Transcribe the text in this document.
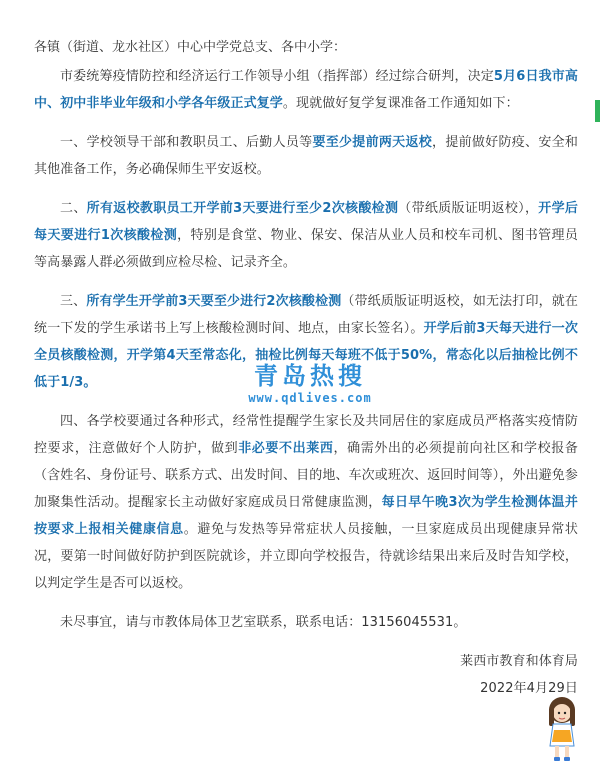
各镇（街道、龙水社区）中心中学党总支、各中小学：

市委统筹疫情防控和经济运行工作领导小组（指挥部）经过综合研判，决定5月6日我市高中、初中非毕业年级和小学各年级正式复学。现就做好复学复课准备工作通知如下：

一、学校领导干部和教职员工、后勤人员等要至少提前两天返校，提前做好防疫、安全和其他准备工作，务必确保师生平安返校。

二、所有返校教职员工开学前3天要进行至少2次核酸检测（带纸质版证明返校），开学后每天要进行1次核酸检测，特别是食堂、物业、保安、保洁从业人员和校车司机、图书管理员等高暴露人群必须做到应检尽检、记录齐全。

三、所有学生开学前3天要至少进行2次核酸检测（带纸质版证明返校，如无法打印，就在统一下发的学生承诺书上写上核酸检测时间、地点，由家长签名）。开学后前3天每天进行一次全员核酸检测，开学第4天至常态化，抽检比例每天每班不低于50%，常态化以后抽检比例不低于1/3。

四、各学校要通过各种形式，经常性提醒学生家长及共同居住的家庭成员严格落实疫情防控要求，注意做好个人防护，做到非必要不出莱西，确需外出的必须提前向社区和学校报备（含姓名、身份证号、联系方式、出发时间、目的地、车次或班次、返回时间等），外出避免参加聚集性活动。提醒家长主动做好家庭成员日常健康监测，每日早午晚3次为学生检测体温并按要求上报相关健康信息。避免与发热等异常症状人员接触，一旦家庭成员出现健康异常状况，要第一时间做好防护到医院就诊，并立即向学校报告，待就诊结果出来后及时告知学校，以判定学生是否可以返校。

未尽事宜，请与市教体局体卫艺室联系，联系电话：13156045531。

莱西市教育和体育局

2022年4月29日

青岛热搜
www.qdlives.com
